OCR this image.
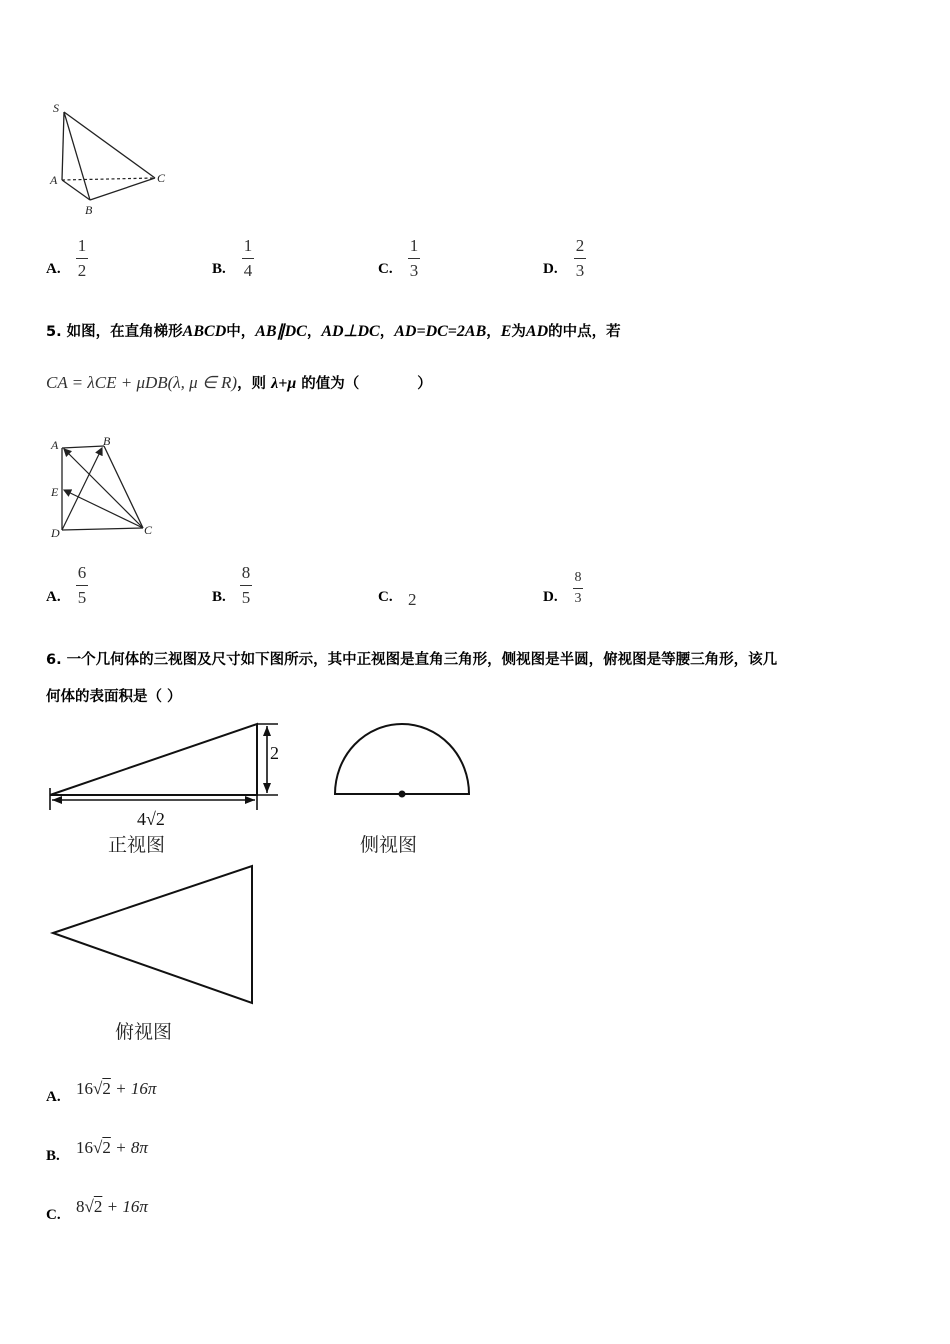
S
A
B
C
A.
1
2	B.
1
4	C.
1
3	D.
2
3
5. 如图，在直角梯形ABCD中，AB∥DC，AD⊥DC，AD=DC=2AB，E为AD的中点，若
CA = λCE + μDB(λ, μ ∈ R)，则 λ+μ 的值为（　　　　）
A	B
E
D	C
A.
6
5	B.
8
5	C. 2	D.
8
3
6. 一个几何体的三视图及尺寸如下图所示，其中正视图是直角三角形，侧视图是半圆，俯视图是等腰三角形，该几
何体的表面积是（ ）
2
4√2
正视图	侧视图
俯视图
A. 16√2 + 16π
B. 16√2 + 8π
C. 8√2 + 16π
